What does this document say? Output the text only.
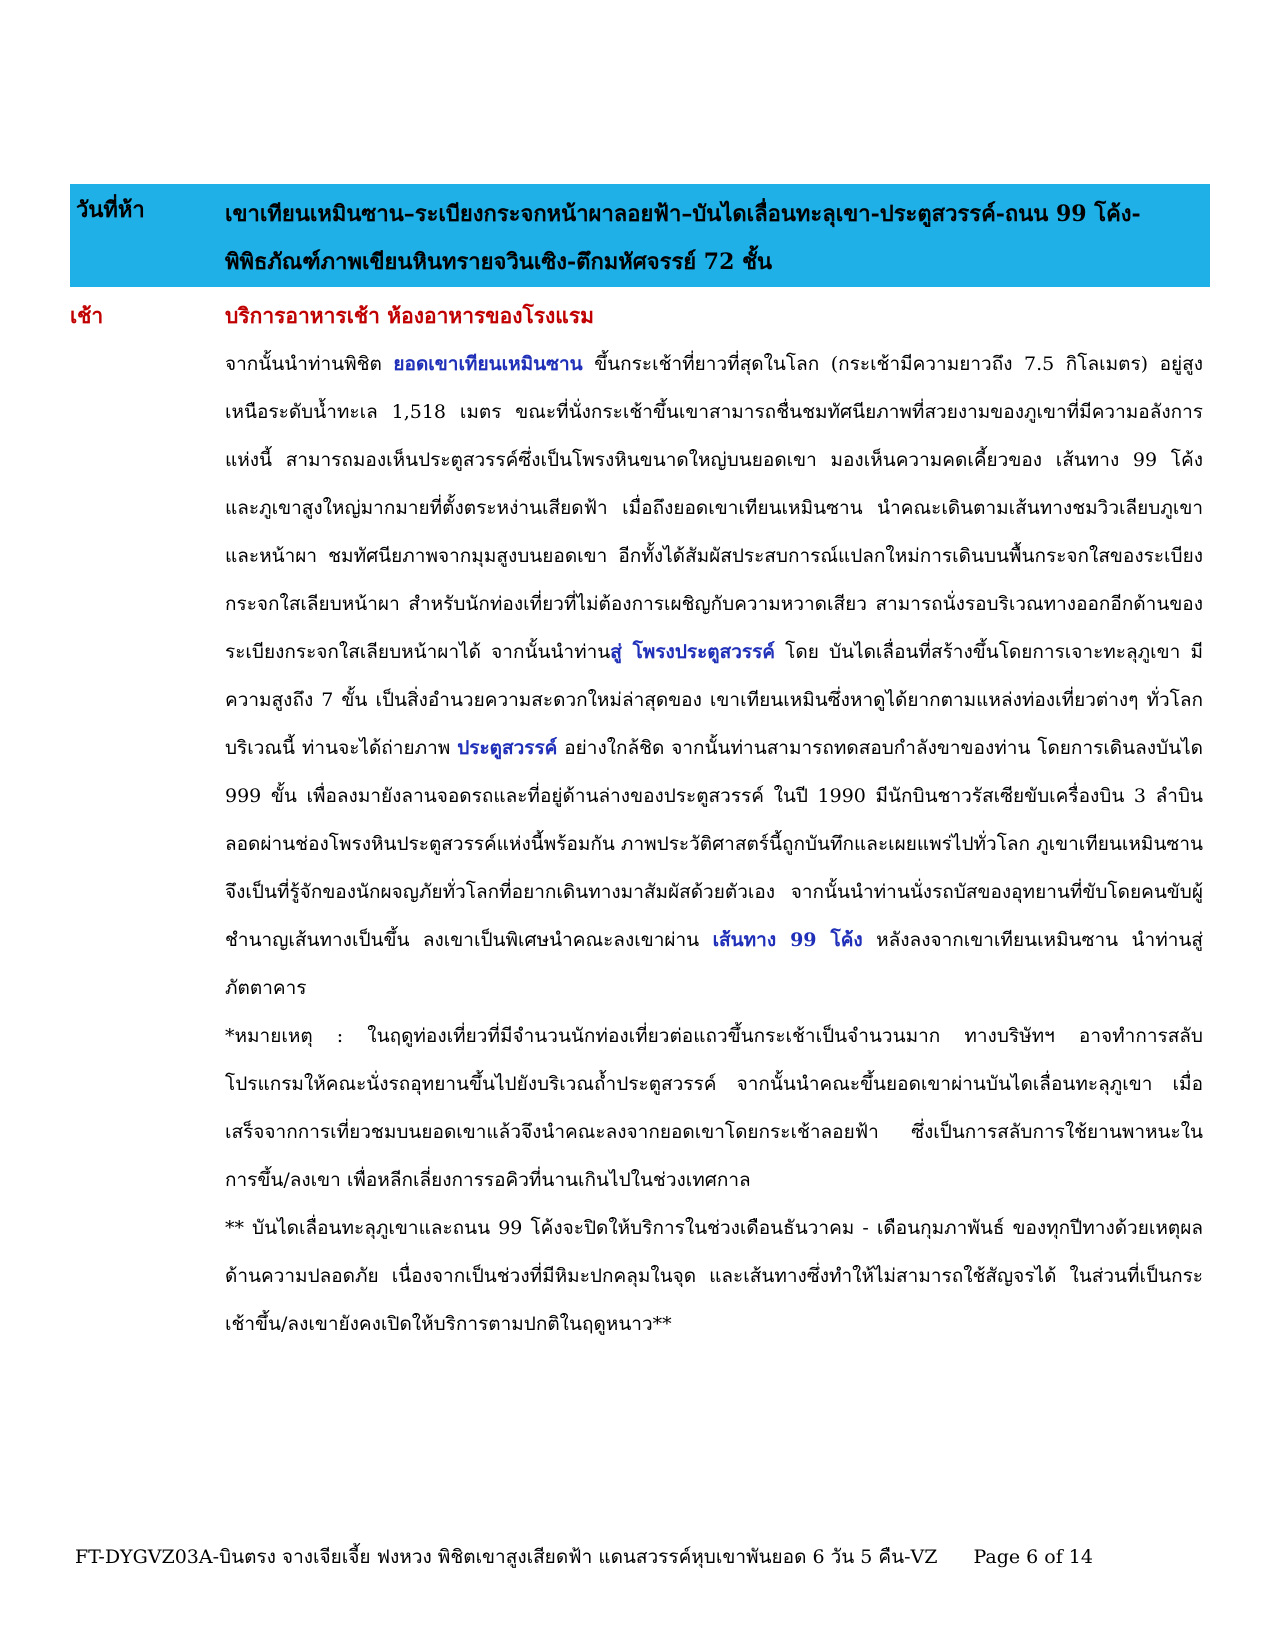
วันที่ห้า	เขาเทียนเหมินซาน–ระเบียงกระจกหน้าผาลอยฟ้า–บันไดเลื่อนทะลุเขา-ประตูสวรรค์-ถนน 99 โค้ง-พิพิธภัณฑ์ภาพเขียนหินทรายจวินเซิง-ตึกมหัศจรรย์ 72 ชั้น
เช้า	บริการอาหารเช้า ห้องอาหารของโรงแรม

จากนั้นนำท่านพิชิต ยอดเขาเทียนเหมินซาน ขึ้นกระเช้าที่ยาวที่สุดในโลก (กระเช้ามีความยาวถึง 7.5 กิโลเมตร) อยู่สูงเหนือระดับน้ำทะเล 1,518 เมตร ขณะที่นั่งกระเช้าขึ้นเขาสามารถชื่นชมทัศนียภาพที่สวยงามของภูเขาที่มีความอลังการแห่งนี้ สามารถมองเห็นประตูสวรรค์ซึ่งเป็นโพรงหินขนาดใหญ่บนยอดเขา มองเห็นความคดเคี้ยวของ เส้นทาง 99 โค้ง และภูเขาสูงใหญ่มากมายที่ตั้งตระหง่านเสียดฟ้า เมื่อถึงยอดเขาเทียนเหมินซาน นำคณะเดินตามเส้นทางชมวิวเลียบภูเขาและหน้าผา ชมทัศนียภาพจากมุมสูงบนยอดเขา อีกทั้งได้สัมผัสประสบการณ์แปลกใหม่การเดินบนพื้นกระจกใสของระเบียงกระจกใสเลียบหน้าผา สำหรับนักท่องเที่ยวที่ไม่ต้องการเผชิญกับความหวาดเสียว สามารถนั่งรอบริเวณทางออกอีกด้านของ ระเบียงกระจกใสเลียบหน้าผาได้ จากนั้นนำท่านสู่ โพรงประตูสวรรค์ โดย บันไดเลื่อนที่สร้างขึ้นโดยการเจาะทะลุภูเขา มีความสูงถึง 7 ขั้น เป็นสิ่งอำนวยความสะดวกใหม่ล่าสุดของ เขาเทียนเหมินซึ่งหาดูได้ยากตามแหล่งท่องเที่ยวต่างๆ ทั่วโลก บริเวณนี้ ท่านจะได้ถ่ายภาพ ประตูสวรรค์ อย่างใกล้ชิด จากนั้นท่านสามารถทดสอบกำลังขาของท่าน โดยการเดินลงบันได 999 ขั้น เพื่อลงมายังลานจอดรถและที่อยู่ด้านล่างของประตูสวรรค์ ในปี 1990 มีนักบินชาวรัสเซียขับเครื่องบิน 3 ลำบินลอดผ่านช่องโพรงหินประตูสวรรค์แห่งนี้พร้อมกัน ภาพประวัติศาสตร์นี้ถูกบันทึกและเผยแพร่ไปทั่วโลก ภูเขาเทียนเหมินซานจึงเป็นที่รู้จักของนักผจญภัยทั่วโลกที่อยากเดินทางมาสัมผัสด้วยตัวเอง จากนั้นนำท่านนั่งรถบัสของอุทยานที่ขับโดยคนขับผู้ชำนาญเส้นทางเป็นขึ้น ลงเขาเป็นพิเศษนำคณะลงเขาผ่าน เส้นทาง 99 โค้ง หลังลงจากเขาเทียนเหมินซาน นำท่านสู่ภัตตาคาร

*หมายเหตุ : ในฤดูท่องเที่ยวที่มีจำนวนนักท่องเที่ยวต่อแถวขึ้นกระเช้าเป็นจำนวนมาก ทางบริษัทฯ อาจทำการสลับโปรแกรมให้คณะนั่งรถอุทยานขึ้นไปยังบริเวณถ้ำประตูสวรรค์ จากนั้นนำคณะขึ้นยอดเขาผ่านบันไดเลื่อนทะลุภูเขา เมื่อเสร็จจากการเที่ยวชมบนยอดเขาแล้วจึงนำคณะลงจากยอดเขาโดยกระเช้าลอยฟ้า ซึ่งเป็นการสลับการใช้ยานพาหนะในการขึ้น/ลงเขา เพื่อหลีกเลี่ยงการรอคิวที่นานเกินไปในช่วงเทศกาล

** บันไดเลื่อนทะลุภูเขาและถนน 99 โค้งจะปิดให้บริการในช่วงเดือนธันวาคม - เดือนกุมภาพันธ์ ของทุกปีทางด้วยเหตุผลด้านความปลอดภัย เนื่องจากเป็นช่วงที่มีหิมะปกคลุมในจุด และเส้นทางซึ่งทำให้ไม่สามารถใช้สัญจรได้ ในส่วนที่เป็นกระเช้าขึ้น/ลงเขายังคงเปิดให้บริการตามปกติในฤดูหนาว**

FT-DYGVZ03A-บินตรง จางเจียเจี้ย ฟงหวง พิชิตเขาสูงเสียดฟ้า แดนสวรรค์หุบเขาพันยอด 6 วัน 5 คืน-VZ Page 6 of 14
